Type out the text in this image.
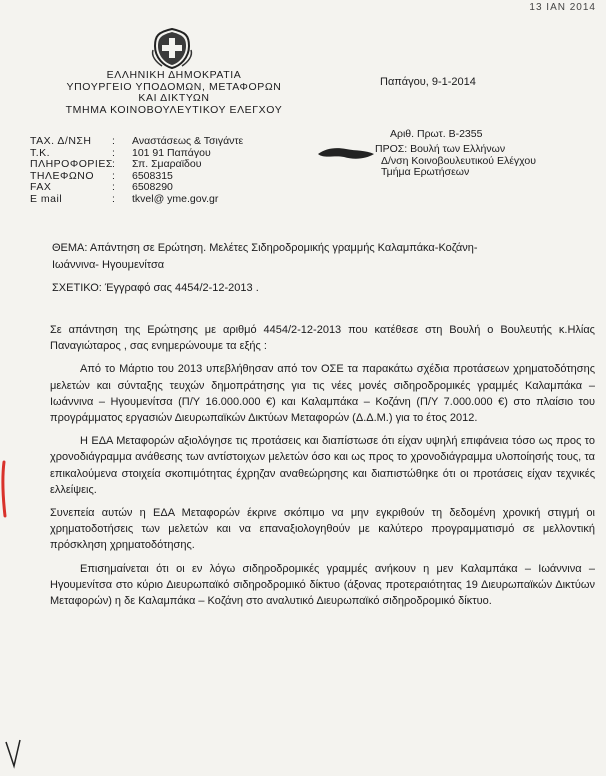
13 ΙΑΝ 2014
ΕΛΛΗΝΙΚΗ ΔΗΜΟΚΡΑΤΙΑ
ΥΠΟΥΡΓΕΙΟ ΥΠΟΔΟΜΩΝ, ΜΕΤΑΦΟΡΩΝ
ΚΑΙ ΔΙΚΤΥΩΝ
ΤΜΗΜΑ ΚΟΙΝΟΒΟΥΛΕΥΤΙΚΟΥ ΕΛΕΓΧΟΥ
Παπάγου, 9-1-2014
Αριθ. Πρωτ. Β-2355
ΤΑΧ. Δ/ΝΣΗ	:	Αναστάσεως & Τσιγάντε
Τ.Κ.	:	101 91 Παπάγου
ΠΛΗΡΟΦΟΡΙΕΣ :	Σπ. Σμαραϊδου
ΤΗΛΕΦΩΝΟ	:	6508315
FAX	:	6508290
E mail	:	tkvel@ yme.gov.gr
ΠΡΟΣ: Βουλή των Ελλήνων
Δ/νση Κοινοβουλευτικού Ελέγχου
Τμήμα Ερωτήσεων

ΘΕΜΑ: Απάντηση σε Ερώτηση. Μελέτες Σιδηροδρομικής γραμμής Καλαμπάκα-Κοζάνη-

Ιωάννινα- Ηγουμενίτσα

ΣΧΕΤΙΚΟ: Έγγραφό σας 4454/2-12-2013 .

Σε απάντηση της Ερώτησης με αριθμό 4454/2-12-2013 που κατέθεσε στη Βουλή ο Βουλευτής κ.Ηλίας Παναγιώταρος , σας ενημερώνουμε τα εξής :

Από το Μάρτιο του 2013 υπεβλήθησαν από τον ΟΣΕ τα παρακάτω σχέδια προτάσεων χρηματοδότησης μελετών και σύνταξης τευχών δημοπράτησης για τις νέες μονές σιδηροδρομικές γραμμές Καλαμπάκα – Ιωάννινα – Ηγουμενίτσα (Π/Υ 16.000.000 €) και Καλαμπάκα – Κοζάνη (Π/Υ 7.000.000 €) στο πλαίσιο του προγράμματος εργασιών Διευρωπαϊκών Δικτύων Μεταφορών (Δ.Δ.Μ.) για το έτος 2012.

Η ΕΔΑ Μεταφορών αξιολόγησε τις προτάσεις και διαπίστωσε ότι είχαν υψηλή επιφάνεια τόσο ως προς το χρονοδιάγραμμα ανάθεσης των αντίστοιχων μελετών όσο και ως προς το χρονοδιάγραμμα υλοποίησής τους, τα επικαλούμενα στοιχεία σκοπιμότητας έχρηζαν αναθεώρησης και διαπιστώθηκε ότι οι προτάσεις είχαν τεχνικές ελλείψεις.

Συνεπεία αυτών η ΕΔΑ Μεταφορών έκρινε σκόπιμο να μην εγκριθούν τη δεδομένη χρονική στιγμή οι χρηματοδοτήσεις των μελετών και να επαναξιολογηθούν με καλύτερο προγραμματισμό σε μελλοντική πρόσκληση χρηματοδότησης.

Επισημαίνεται ότι οι εν λόγω σιδηροδρομικές γραμμές ανήκουν η μεν Καλαμπάκα – Ιωάννινα – Ηγουμενίτσα στο κύριο Διευρωπαϊκό σιδηροδρομικό δίκτυο (άξονας προτεραιότητας 19 Διευρωπαϊκών Δικτύων Μεταφορών) η δε Καλαμπάκα – Κοζάνη στο αναλυτικό Διευρωπαϊκό σιδηροδρομικό δίκτυο.
